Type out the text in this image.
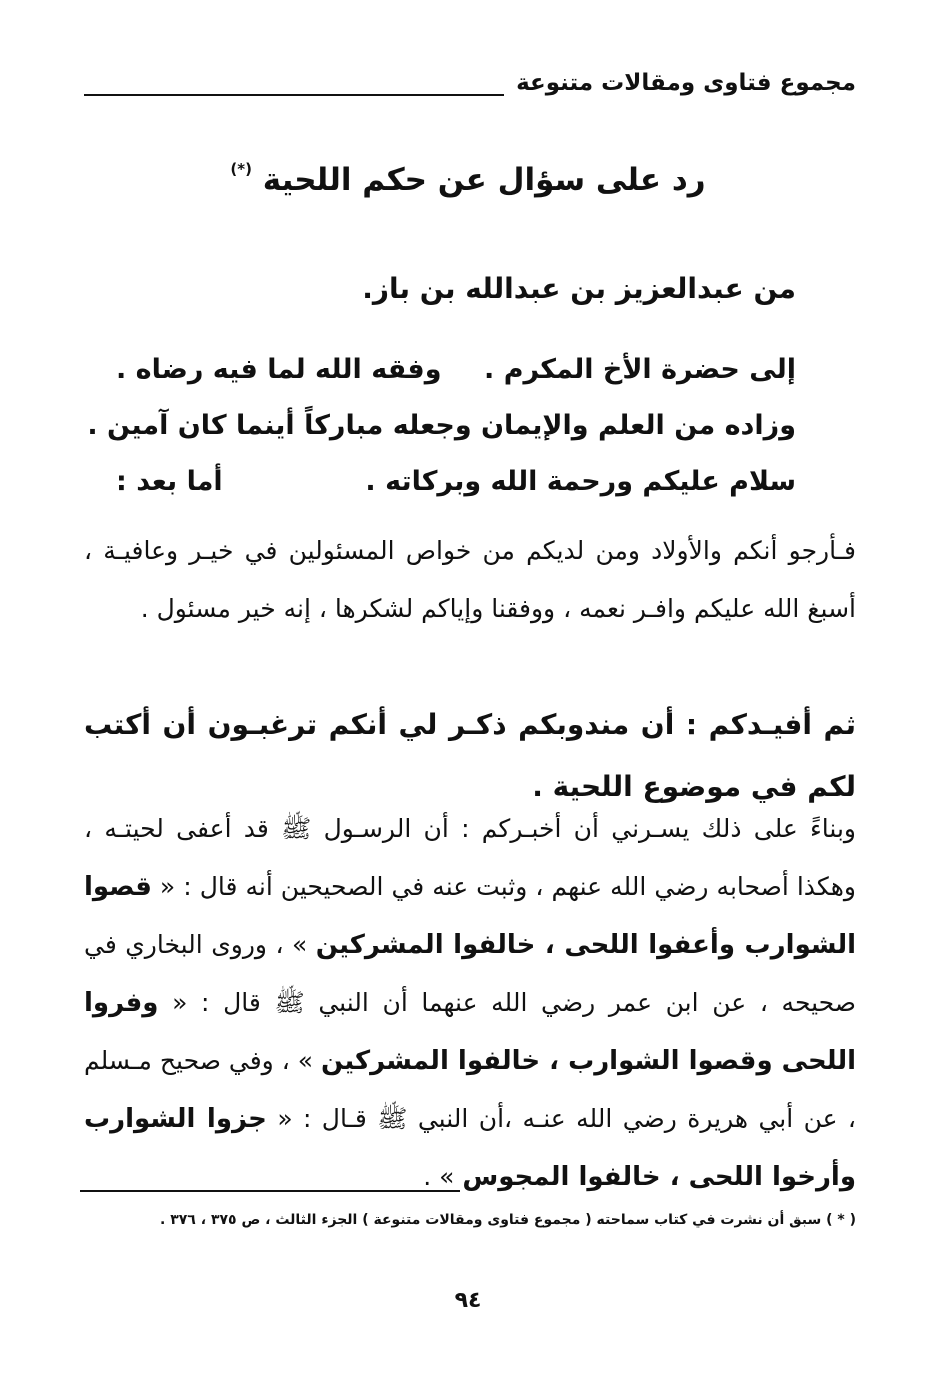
مجموع فتاوى ومقالات متنوعة
رد على سؤال عن حكم اللحية (*)
من عبدالعزيز بن عبدالله بن باز.
إلى حضرة الأخ المكرم .
وفقه الله لما فيه رضاه .
وزاده من العلم والإيمان وجعله مباركاً أينما كان آمين .
سلام عليكم ورحمة الله وبركاته .
أما بعد :

فـأرجو أنكم والأولاد ومن لديكم من خواص المسئولين في خيـر وعافيـة ، أسبغ الله عليكم وافـر نعمه ، ووفقنا وإياكم لشكرها ، إنه خير مسئول .

ثم أفيـدكم : أن مندوبكم ذكـر لي أنكم ترغبـون أن أكتب لكم في موضوع اللحية .

وبناءً على ذلك يسـرني أن أخبـركم : أن الرسـول ﷺ قد أعفى لحيتـه ، وهكذا أصحابه رضي الله عنهم ، وثبت عنه في الصحيحين أنه قال : « قصوا الشوارب وأعفوا اللحى ، خالفوا المشركين » ، وروى البخاري في صحيحه ، عن ابن عمر رضي الله عنهما أن النبي ﷺ قال : « وفروا اللحى وقصوا الشوارب ، خالفوا المشركين » ، وفي صحيح مـسلم ، عن أبي هريرة رضي الله عنـه ،أن النبي ﷺ قـال : « جزوا الشوارب وأرخوا اللحى ، خالفوا المجوس » .

( * ) سبق أن نشرت في كتاب سماحته ( مجموع فتاوى ومقالات متنوعة ) الجزء الثالث ، ص ٣٧٥ ، ٣٧٦ .
٩٤
